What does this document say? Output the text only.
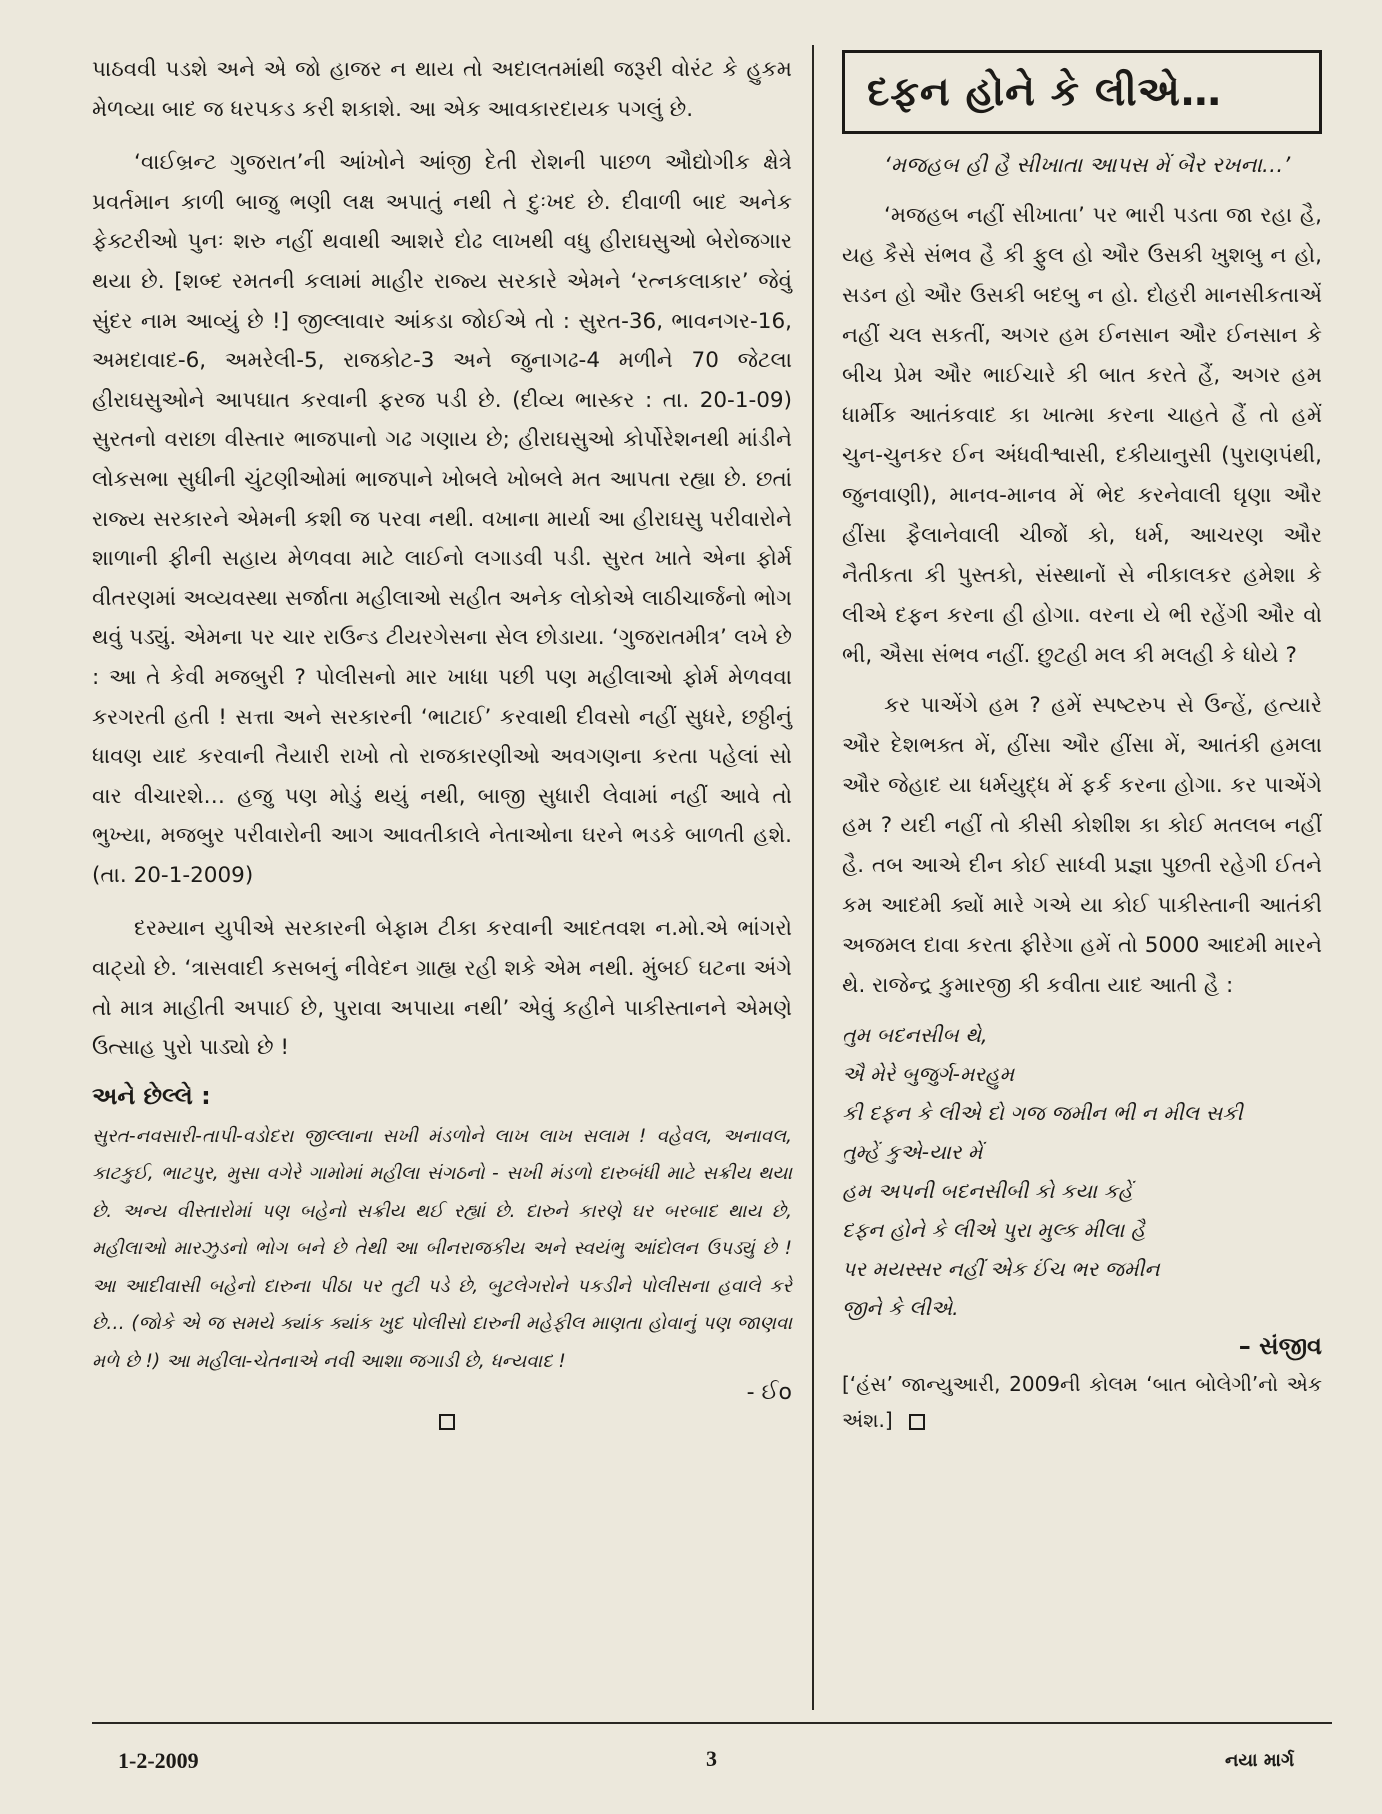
પાઠવવી પડશે અને એ જો હાજર ન થાય તો અદાલતમાંથી જરૂરી વોરંટ કે હુકમ મેળવ્યા બાદ જ ધરપકડ કરી શકાશે. આ એક આવકારદાયક પગલું છે.

‘વાઈબ્રન્ટ ગુજરાત’ની આંખોને આંજી દેતી રોશની પાછળ ઔદ્યોગીક ક્ષેત્રે પ્રવર્તમાન કાળી બાજુ ભણી લક્ષ અપાતું નથી તે દુઃખદ છે. દીવાળી બાદ અનેક ફેક્ટરીઓ પુનઃ શરુ નહીં થવાથી આશરે દોઢ લાખથી વધુ હીરાઘસુઓ બેરોજગાર થયા છે. [શબ્દ રમતની કલામાં માહીર રાજ્ય સરકારે એમને ‘રત્નકલાકાર’ જેવું સુંદર નામ આવ્યું છે !] જીલ્લાવાર આંકડા જોઈએ તો : સુરત-36, ભાવનગર-16, અમદાવાદ-6, અમરેલી-5, રાજકોટ-3 અને જુનાગઢ-4 મળીને 70 જેટલા હીરાઘસુઓને આપઘાત કરવાની ફરજ પડી છે. (દીવ્ય ભાસ્કર : તા. 20-1-09) સુરતનો વરાછા વીસ્તાર ભાજપાનો ગઢ ગણાય છે; હીરાઘસુઓ કોર્પોરેશનથી માંડીને લોકસભા સુધીની ચુંટણીઓમાં ભાજપાને ખોબલે ખોબલે મત આપતા રહ્યા છે. છતાં રાજ્ય સરકારને એમની કશી જ પરવા નથી. વખાના માર્યા આ હીરાઘસુ પરીવારોને શાળાની ફીની સહાય મેળવવા માટે લાઈનો લગાડવી પડી. સુરત ખાતે એના ફોર્મ વીતરણમાં અવ્યવસ્થા સર્જાતા મહીલાઓ સહીત અનેક લોકોએ લાઠીચાર્જનો ભોગ થવું પડ્યું. એમના પર ચાર રાઉન્ડ ટીયરગેસના સેલ છોડાયા. ‘ગુજરાતમીત્ર’ લખે છે : આ તે કેવી મજબુરી ? પોલીસનો માર ખાધા પછી પણ મહીલાઓ ફોર્મ મેળવવા કરગરતી હતી ! સત્તા અને સરકારની ‘ભાટાઈ’ કરવાથી દીવસો નહીં સુધરે, છઠ્ઠીનું ધાવણ યાદ કરવાની તૈયારી રાખો તો રાજકારણીઓ અવગણના કરતા પહેલાં સો વાર વીચારશે… હજુ પણ મોડું થયું નથી, બાજી સુધારી લેવામાં નહીં આવે તો ભુખ્યા, મજબુર પરીવારોની આગ આવતીકાલે નેતાઓના ઘરને ભડકે બાળતી હશે. (તા. 20-1-2009)

દરમ્યાન યુપીએ સરકારની બેફામ ટીકા કરવાની આદતવશ ન.મો.એ ભાંગરો વાટ્યો છે. ‘ત્રાસવાદી કસબનું નીવેદન ગ્રાહ્ય રહી શકે એમ નથી. મુંબઈ ઘટના અંગે તો માત્ર માહીતી અપાઈ છે, પુરાવા અપાયા નથી’ એવું કહીને પાકીસ્તાનને એમણે ઉત્સાહ પુરો પાડ્યો છે !

અને છેલ્લે :

સુરત-નવસારી-તાપી-વડોદરા જીલ્લાના સખી મંડળોને લાખ લાખ સલામ ! વહેવલ, અનાવલ, કાટકુઈ, ભાટપુર, મુસા વગેરે ગામોમાં મહીલા સંગઠનો - સખી મંડળો દારુબંધી માટે સક્રીય થયા છે. અન્ય વીસ્તારોમાં પણ બહેનો સક્રીય થઈ રહ્યાં છે. દારુને કારણે ઘર બરબાદ થાય છે, મહીલાઓ મારઝુડનો ભોગ બને છે તેથી આ બીનરાજકીય અને સ્વયંભુ આંદોલન ઉપડ્યું છે ! આ આદીવાસી બહેનો દારુના પીઠા પર તુટી પડે છે, બુટલેગરોને પકડીને પોલીસના હવાલે કરે છે… (જોકે એ જ સમયે ક્યાંક ક્યાંક ખુદ પોલીસો દારુની મહેફીલ માણતા હોવાનું પણ જાણવા મળે છે !) આ મહીલા-ચેતનાએ નવી આશા જગાડી છે, ધન્યવાદ !

- ઈo

દફન હોને કે લીએ…

‘મજહબ હી હૈ સીખાતા આપસ મેં બૈર રખના…’

‘મજહબ નહીં સીખાતા’ પર ભારી પડતા જા રહા હૈ, યહ કૈસે સંભવ હૈ કી ફુલ હો ઔર ઉસકી ખુશબુ ન હો, સડન હો ઔર ઉસકી બદબુ ન હો. દોહરી માનસીકતાએં નહીં ચલ સકતીં, અગર હમ ઈનસાન ઔર ઈનસાન કે બીચ પ્રેમ ઔર ભાઈચારે કી બાત કરતે હૈં, અગર હમ ધાર્મીક આતંકવાદ કા ખાત્મા કરના ચાહતે હૈં તો હમેં ચુન-ચુનકર ઈન અંધવીશ્વાસી, દકીયાનુસી (પુરાણપંથી, જુનવાણી), માનવ-માનવ મેં ભેદ કરનેવાલી ઘૃણા ઔર હીંસા ફૈલાનેવાલી ચીજોં કો, ધર્મ, આચરણ ઔર નૈતીકતા કી પુસ્તકો, સંસ્થાનોં સે નીકાલકર હમેશા કે લીએ દફન કરના હી હોગા. વરના યે ભી રહેંગી ઔર વો ભી, ઐસા સંભવ નહીં. છુટહી મલ કી મલહી કે ધોયે ?

કર પાએંગે હમ ? હમેં સ્પષ્ટરુપ સે ઉન્હેં, હત્યારે ઔર દેશભક્ત મેં, હીંસા ઔર હીંસા મેં, આતંકી હમલા ઔર જેહાદ યા ધર્મયુદ્ધ મેં ફર્ક કરના હોગા. કર પાએંગે હમ ? યદી નહીં તો કીસી કોશીશ કા કોઈ મતલબ નહીં હૈ. તબ આએ દીન કોઈ સાધ્વી પ્રજ્ઞા પુછતી રહેગી ઈતને કમ આદમી ક્યોં મારે ગએ યા કોઈ પાકીસ્તાની આતંકી અજમલ દાવા કરતા ફીરેગા હમેં તો 5000 આદમી મારને થે. રાજેન્દ્ર કુમારજી કી કવીતા યાદ આતી હૈ :

તુમ બદનસીબ થે,

ઐ મેરે બુજુર્ગ-મરહુમ

કી દફન કે લીએ દો ગજ જમીન ભી ન મીલ સકી

તુમ્હેં કુએ-યાર મેં

હમ અપની બદનસીબી કો કયા કહેં

દફન હોને કે લીએ પુરા મુલ્ક મીલા હૈ

પર મયસ્સર નહીં એક ઈંચ ભર જમીન

જીને કે લીએ.

– સંજીવ

[‘હંસ’ જાન્યુઆરી, 2009ની કોલમ ‘બાત બોલેગી’નો એક અંશ.]

1-2-2009	3	નયા માર્ગ
